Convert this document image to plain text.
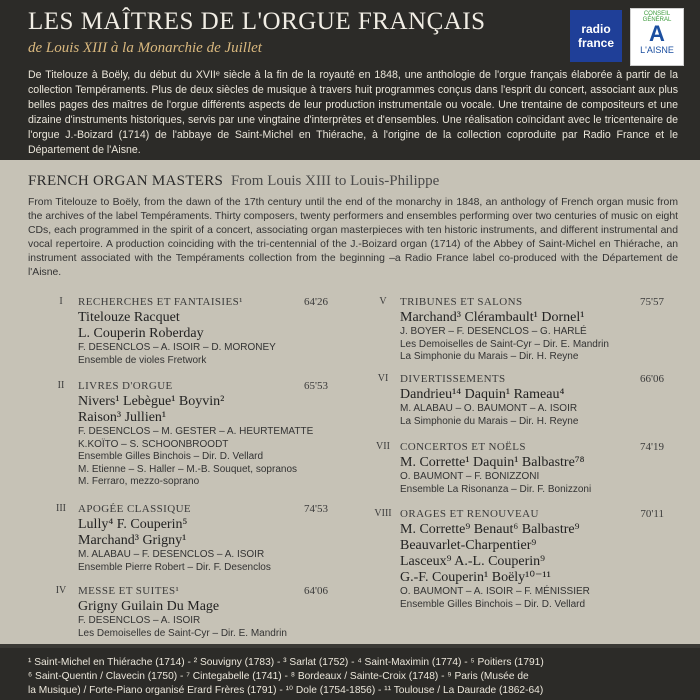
LES MAÎTRES DE L'ORGUE FRANÇAIS
de Louis XIII à la Monarchie de Juillet
radio
france
CONSEIL GÉNÉRAL
A
L'AISNE
De Titelouze à Boëly, du début du XVIIᵉ siècle à la fin de la royauté en 1848, une anthologie de l'orgue français élaborée à partir de la collection Tempéraments. Plus de deux siècles de musique à travers huit programmes conçus dans l'esprit du concert, associant aux plus belles pages des maîtres de l'orgue différents aspects de leur production instrumentale ou vocale. Une trentaine de compositeurs et une dizaine d'instruments historiques, servis par une vingtaine d'interprètes et d'ensembles. Une réalisation coïncidant avec le tricentenaire de l'orgue J.-Boizard (1714) de l'abbaye de Saint-Michel en Thiérache, à l'origine de la collection coproduite par Radio France et le Département de l'Aisne.
FRENCH ORGAN MASTERS From Louis XIII to Louis-Philippe
From Titelouze to Boëly, from the dawn of the 17th century until the end of the monarchy in 1848, an anthology of French organ music from the archives of the label Tempéraments. Thirty composers, twenty performers and ensembles performing over two centuries of music on eight CDs, each programmed in the spirit of a concert, associating organ masterpieces with ten historic instruments, and different instrumental and vocal repertoire. A production coinciding with the tri-centennial of the J.-Boizard organ (1714) of the Abbey of Saint-Michel en Thiérache, an instrument associated with the Tempéraments collection from the beginning –a Radio France label co-produced with the Département de l'Aisne.
I	RECHERCHES ET FANTAISIES¹	64'26
Titelouze Racquet
L. Couperin Roberday
F. DESENCLOS – A. ISOIR – D. MORONEY
Ensemble de violes Fretwork
II	LIVRES D'ORGUE	65'53
Nivers¹ Lebègue¹ Boyvin²
Raison³ Jullien¹
F. DESENCLOS – M. GESTER – A. HEURTEMATTE
K.KOÏTO – S. SCHOONBROODT
Ensemble Gilles Binchois – Dir. D. Vellard
M. Etienne – S. Haller – M.-B. Souquet, sopranos
M. Ferraro, mezzo-soprano
III	APOGÉE CLASSIQUE	74'53
Lully⁴ F. Couperin⁵
Marchand³ Grigny¹
M. ALABAU – F. DESENCLOS – A. ISOIR
Ensemble Pierre Robert – Dir. F. Desenclos
IV	MESSE ET SUITES¹	64'06
Grigny Guilain Du Mage
F. DESENCLOS – A. ISOIR
Les Demoiselles de Saint-Cyr – Dir. E. Mandrin
V	TRIBUNES ET SALONS	75'57
Marchand³ Clérambault¹ Dornel¹
J. BOYER – F. DESENCLOS – G. HARLÉ
Les Demoiselles de Saint-Cyr – Dir. E. Mandrin
La Simphonie du Marais – Dir. H. Reyne
VI	DIVERTISSEMENTS	66'06
Dandrieu¹⁴ Daquin¹ Rameau⁴
M. ALABAU – O. BAUMONT – A. ISOIR
La Simphonie du Marais – Dir. H. Reyne
VII CONCERTOS ET NOËLS	74'19
M. Corrette¹ Daquin¹ Balbastre⁷⁸
O. BAUMONT – F. BONIZZONI
Ensemble La Risonanza – Dir. F. Bonizzoni
VIII ORAGES ET RENOUVEAU	70'11
M. Corrette⁹ Benaut⁶ Balbastre⁹
Beauvarlet-Charpentier⁹
Lasceux⁹ A.-L. Couperin⁹
G.-F. Couperin¹ Boëly¹⁰⁻¹¹
O. BAUMONT – A. ISOIR – F. MÉNISSIER
Ensemble Gilles Binchois – Dir. D. Vellard
¹ Saint-Michel en Thiérache (1714) - ² Souvigny (1783) - ³ Sarlat (1752) - ⁴ Saint-Maximin (1774) - ⁵ Poitiers (1791)
⁶ Saint-Quentin / Clavecin (1750) - ⁷ Cintegabelle (1741) - ⁸ Bordeaux / Sainte-Croix (1748) - ⁹ Paris (Musée de
la Musique) / Forte-Piano organisé Erard Frères (1791) - ¹⁰ Dole (1754-1856) - ¹¹ Toulouse / La Daurade (1862-64)
